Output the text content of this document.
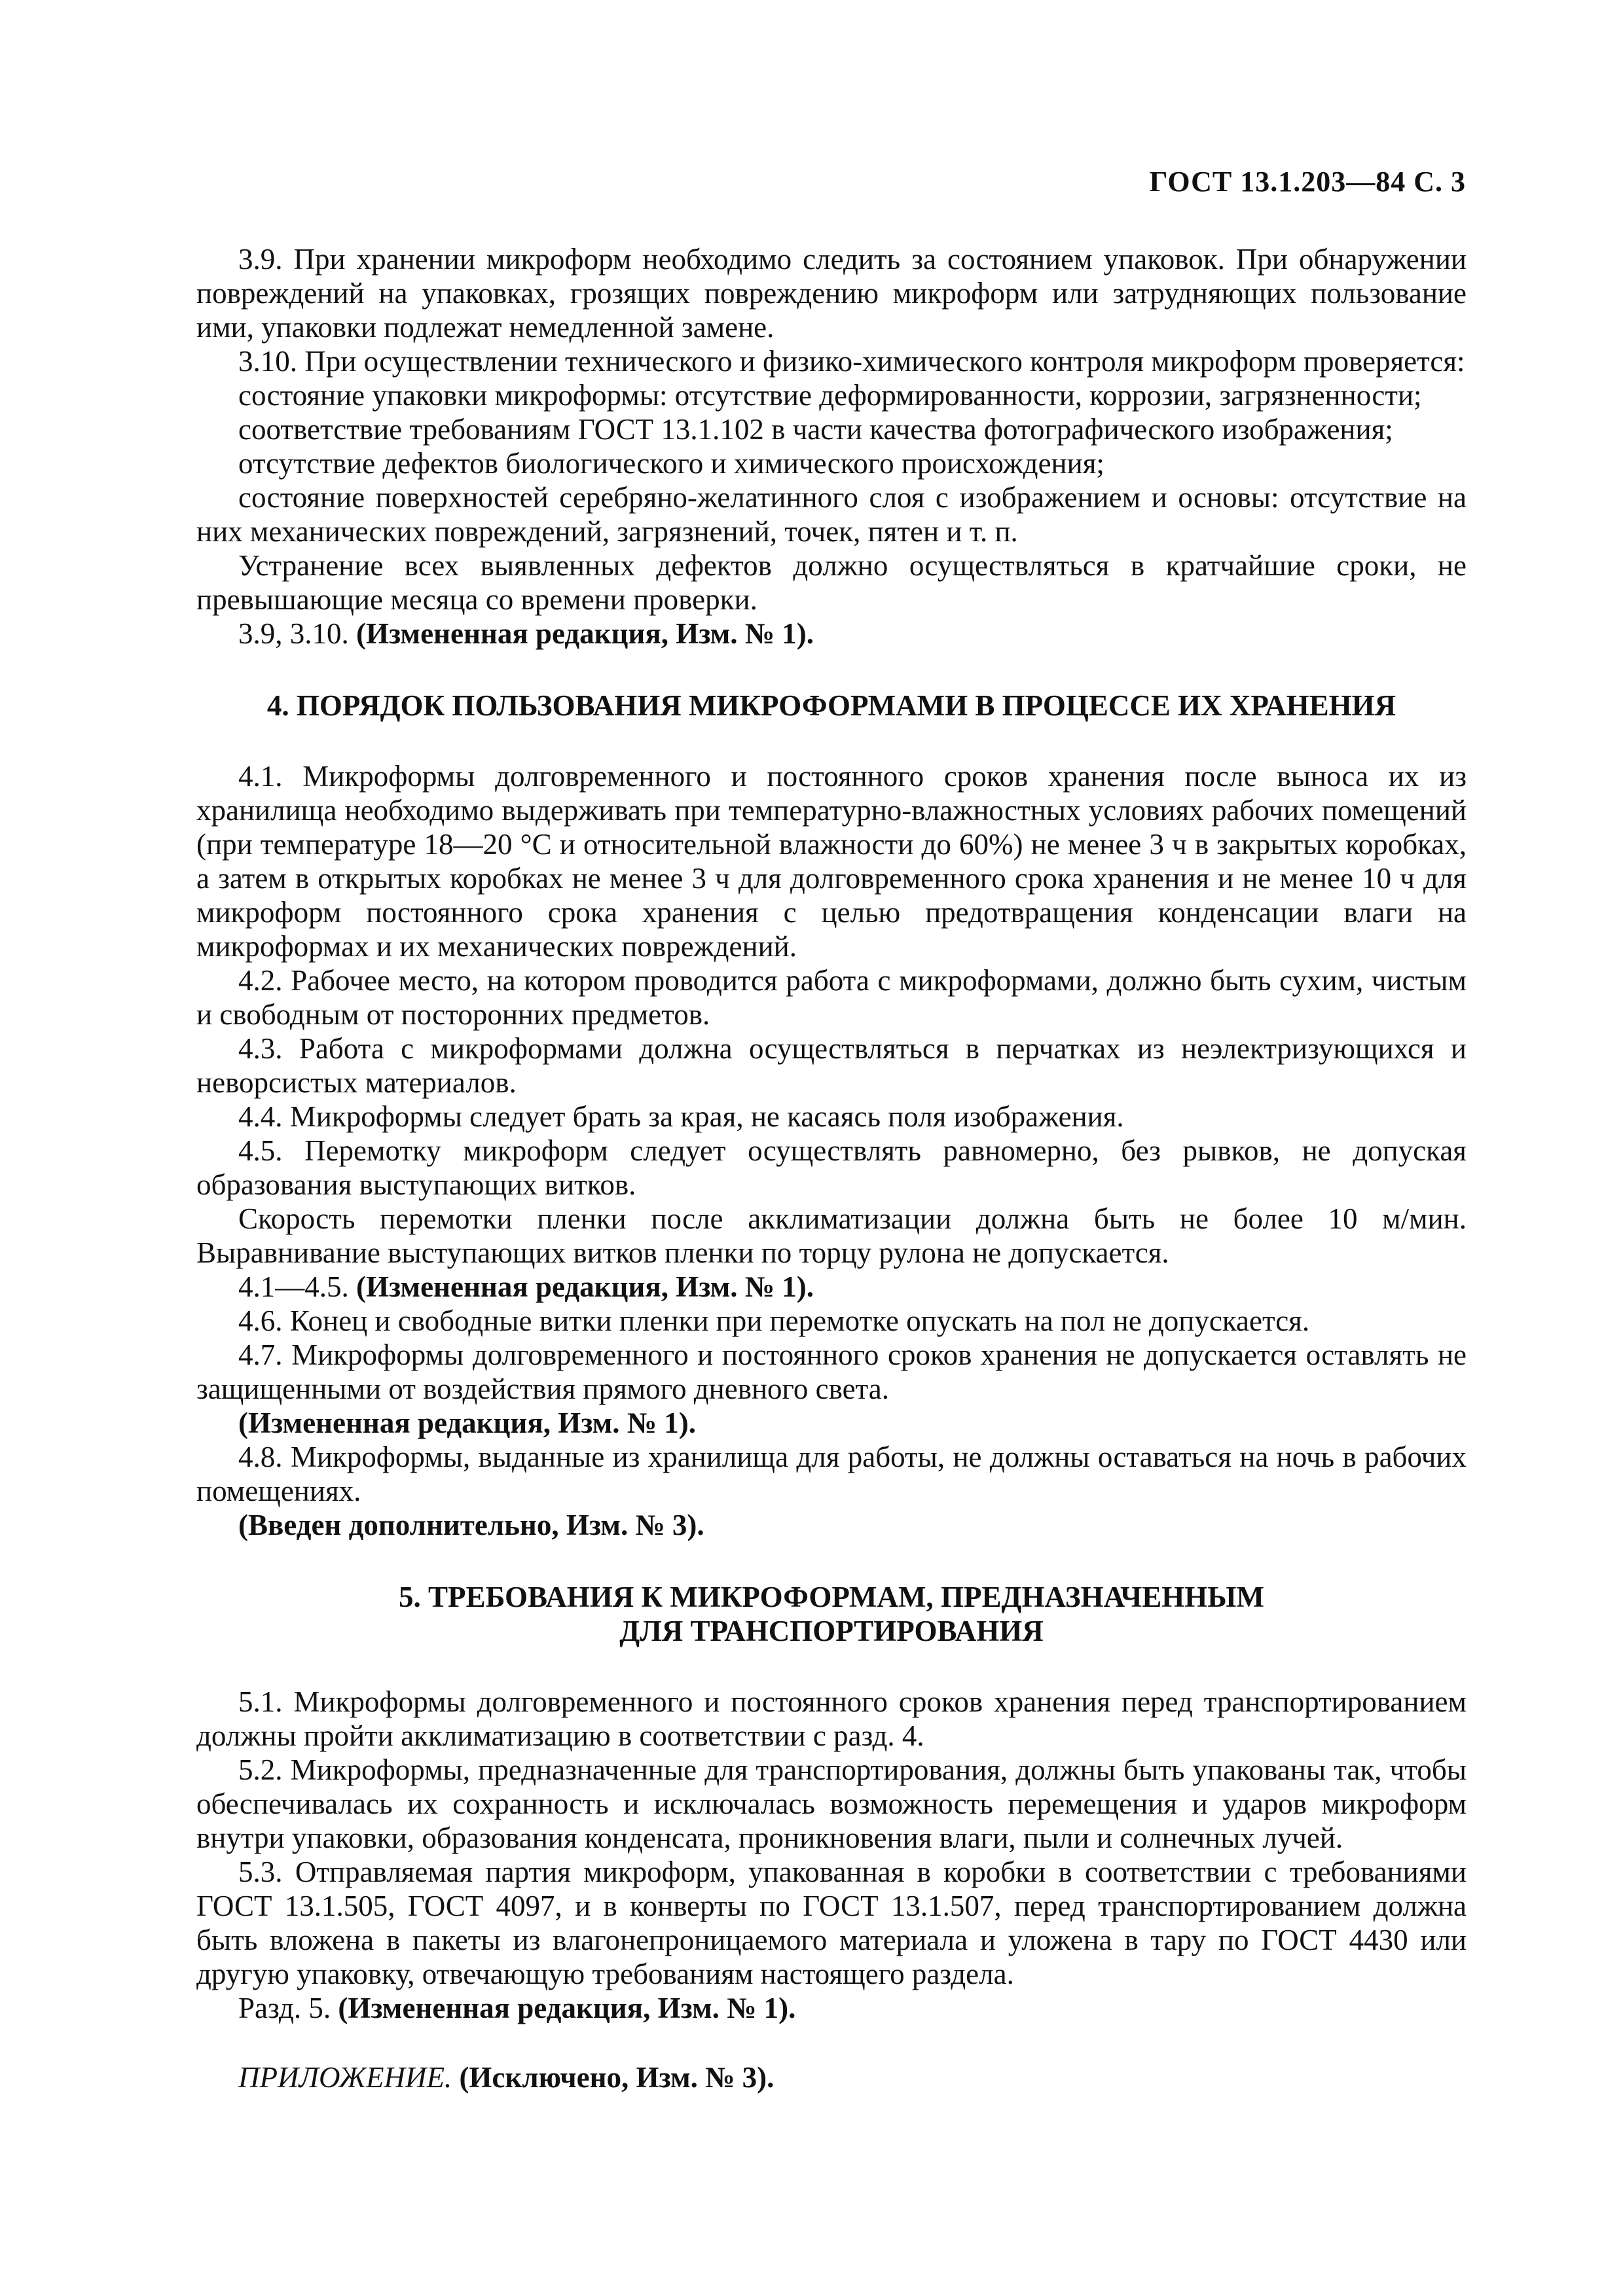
ГОСТ 13.1.203—84 С. 3

3.9. При хранении микроформ необходимо следить за состоянием упаковок. При обнаружении повреждений на упаковках, грозящих повреждению микроформ или затрудняющих пользование ими, упаковки подлежат немедленной замене.

3.10. При осуществлении технического и физико-химического контроля микроформ проверяется:

состояние упаковки микроформы: отсутствие деформированности, коррозии, загрязненности;

соответствие требованиям ГОСТ 13.1.102 в части качества фотографического изображения;

отсутствие дефектов биологического и химического происхождения;

состояние поверхностей серебряно-желатинного слоя с изображением и основы: отсутствие на них механических повреждений, загрязнений, точек, пятен и т. п.

Устранение всех выявленных дефектов должно осуществляться в кратчайшие сроки, не превышающие месяца со времени проверки.

3.9, 3.10. (Измененная редакция, Изм. № 1).

4. ПОРЯДОК ПОЛЬЗОВАНИЯ МИКРОФОРМАМИ В ПРОЦЕССЕ ИХ ХРАНЕНИЯ

4.1. Микроформы долговременного и постоянного сроков хранения после выноса их из хранилища необходимо выдерживать при температурно-влажностных условиях рабочих помещений (при температуре 18—20 °С и относительной влажности до 60%) не менее 3 ч в закрытых коробках, а затем в открытых коробках не менее 3 ч для долговременного срока хранения и не менее 10 ч для микроформ постоянного срока хранения с целью предотвращения конденсации влаги на микроформах и их механических повреждений.

4.2. Рабочее место, на котором проводится работа с микроформами, должно быть сухим, чистым и свободным от посторонних предметов.

4.3. Работа с микроформами должна осуществляться в перчатках из неэлектризующихся и неворсистых материалов.

4.4. Микроформы следует брать за края, не касаясь поля изображения.

4.5. Перемотку микроформ следует осуществлять равномерно, без рывков, не допуская образования выступающих витков.

Скорость перемотки пленки после акклиматизации должна быть не более 10 м/мин. Выравнивание выступающих витков пленки по торцу рулона не допускается.

4.1—4.5. (Измененная редакция, Изм. № 1).

4.6. Конец и свободные витки пленки при перемотке опускать на пол не допускается.

4.7. Микроформы долговременного и постоянного сроков хранения не допускается оставлять не защищенными от воздействия прямого дневного света.

(Измененная редакция, Изм. № 1).

4.8. Микроформы, выданные из хранилища для работы, не должны оставаться на ночь в рабочих помещениях.

(Введен дополнительно, Изм. № 3).

5. ТРЕБОВАНИЯ К МИКРОФОРМАМ, ПРЕДНАЗНАЧЕННЫМ
ДЛЯ ТРАНСПОРТИРОВАНИЯ

5.1. Микроформы долговременного и постоянного сроков хранения перед транспортированием должны пройти акклиматизацию в соответствии с разд. 4.

5.2. Микроформы, предназначенные для транспортирования, должны быть упакованы так, чтобы обеспечивалась их сохранность и исключалась возможность перемещения и ударов микроформ внутри упаковки, образования конденсата, проникновения влаги, пыли и солнечных лучей.

5.3. Отправляемая партия микроформ, упакованная в коробки в соответствии с требованиями ГОСТ 13.1.505, ГОСТ 4097, и в конверты по ГОСТ 13.1.507, перед транспортированием должна быть вложена в пакеты из влагонепроницаемого материала и уложена в тару по ГОСТ 4430 или другую упаковку, отвечающую требованиям настоящего раздела.

Разд. 5. (Измененная редакция, Изм. № 1).

ПРИЛОЖЕНИЕ. (Исключено, Изм. № 3).
